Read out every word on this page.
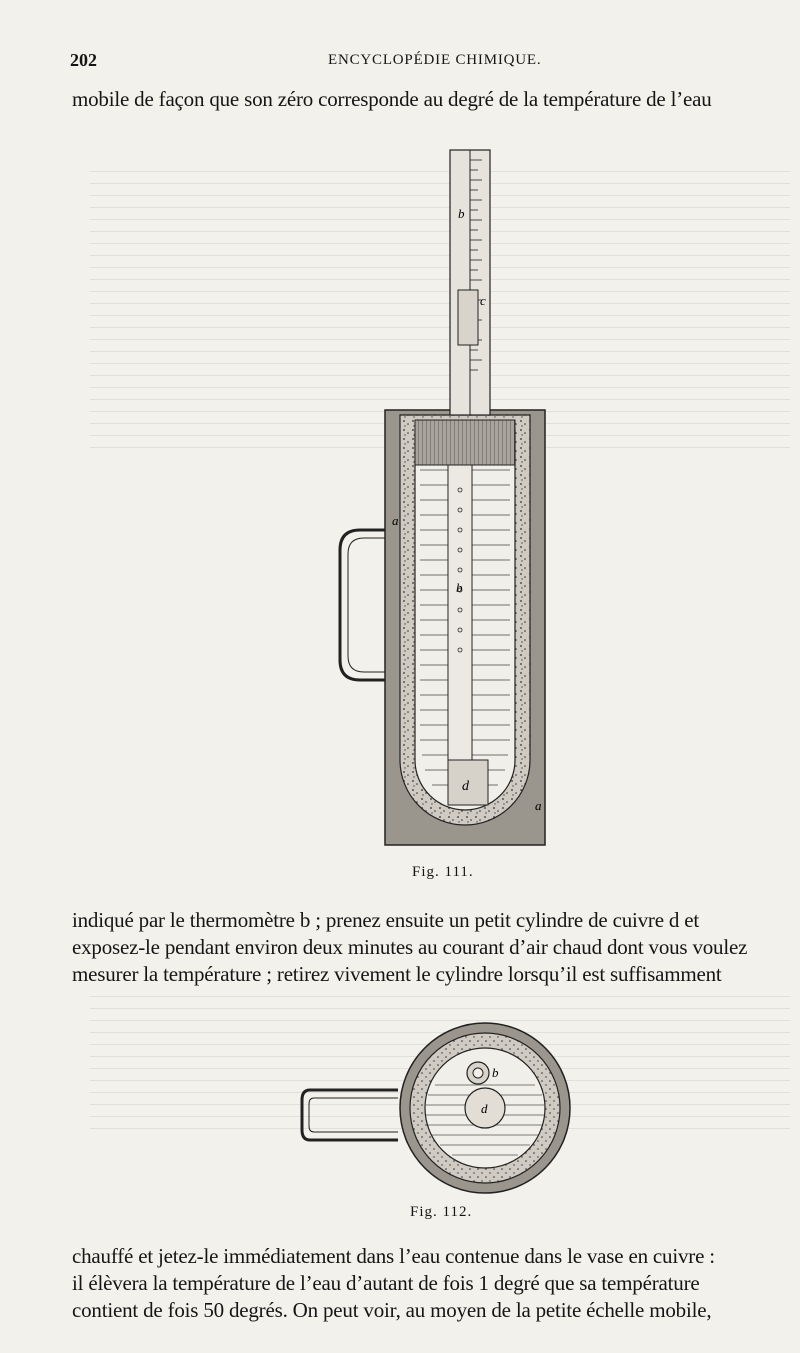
202	ENCYCLOPÉDIE CHIMIQUE.
mobile de façon que son zéro corresponde au degré de la température de l’eau
b
c
a
b
d
a
Fig. 111.
indiqué par le thermomètre b ; prenez ensuite un petit cylindre de cuivre d et
exposez-le pendant environ deux minutes au courant d’air chaud dont vous voulez
mesurer la température ; retirez vivement le cylindre lorsqu’il est suffisamment
b
d
Fig. 112.
chauffé et jetez-le immédiatement dans l’eau contenue dans le vase en cuivre :
il élèvera la température de l’eau d’autant de fois 1 degré que sa température
contient de fois 50 degrés. On peut voir, au moyen de la petite échelle mobile,
